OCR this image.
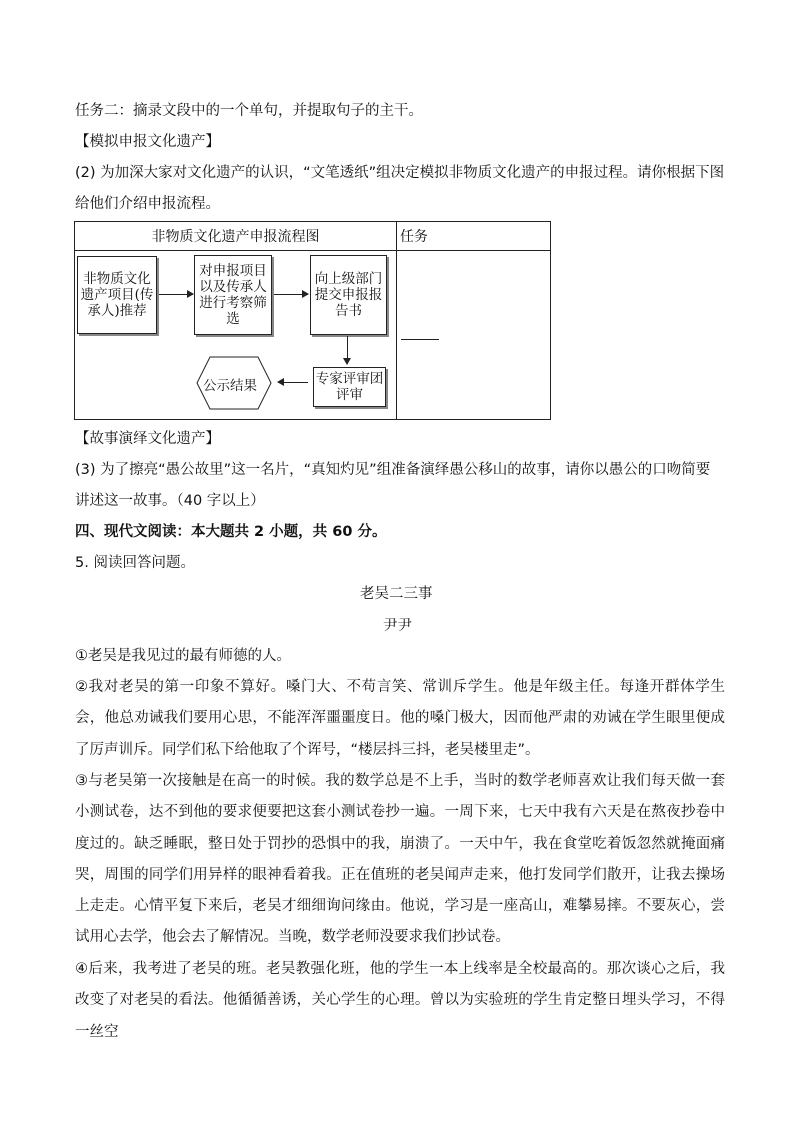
任务二：摘录文段中的一个单句，并提取句子的主干。
【模拟申报文化遗产】
(2) 为加深大家对文化遗产的认识，“文笔透纸”组决定模拟非物质文化遗产的申报过程。请你根据下图
给他们介绍申报流程。
非物质文化遗产申报流程图	任务
非物质文化遗产项目(传承人)推荐
对申报项目以及传承人进行考察筛选
向上级部门提交申报报告书
专家评审团评审
公示结果
【故事演绎文化遗产】
(3) 为了擦亮“愚公故里”这一名片，“真知灼见”组准备演绎愚公移山的故事，请你以愚公的口吻简要
讲述这一故事。（40 字以上）
四、现代文阅读：本大题共 2 小题，共 60 分。
5. 阅读回答问题。
老吴二三事
尹尹
①老吴是我见过的最有师德的人。
②我对老吴的第一印象不算好。嗓门大、不苟言笑、常训斥学生。他是年级主任。每逢开群体学生会，他总劝诫我们要用心思，不能浑浑噩噩度日。他的嗓门极大，因而他严肃的劝诫在学生眼里便成了厉声训斥。同学们私下给他取了个诨号，“楼层抖三抖，老吴楼里走”。
③与老吴第一次接触是在高一的时候。我的数学总是不上手，当时的数学老师喜欢让我们每天做一套小测试卷，达不到他的要求便要把这套小测试卷抄一遍。一周下来，七天中我有六天是在熬夜抄卷中度过的。缺乏睡眠，整日处于罚抄的恐惧中的我，崩溃了。一天中午，我在食堂吃着饭忽然就掩面痛哭，周围的同学们用异样的眼神看着我。正在值班的老吴闻声走来，他打发同学们散开，让我去操场上走走。心情平复下来后，老吴才细细询问缘由。他说，学习是一座高山，难攀易摔。不要灰心，尝试用心去学，他会去了解情况。当晚，数学老师没要求我们抄试卷。
④后来，我考进了老吴的班。老吴教强化班，他的学生一本上线率是全校最高的。那次谈心之后，我改变了对老吴的看法。他循循善诱，关心学生的心理。曾以为实验班的学生肯定整日埋头学习，不得一丝空
